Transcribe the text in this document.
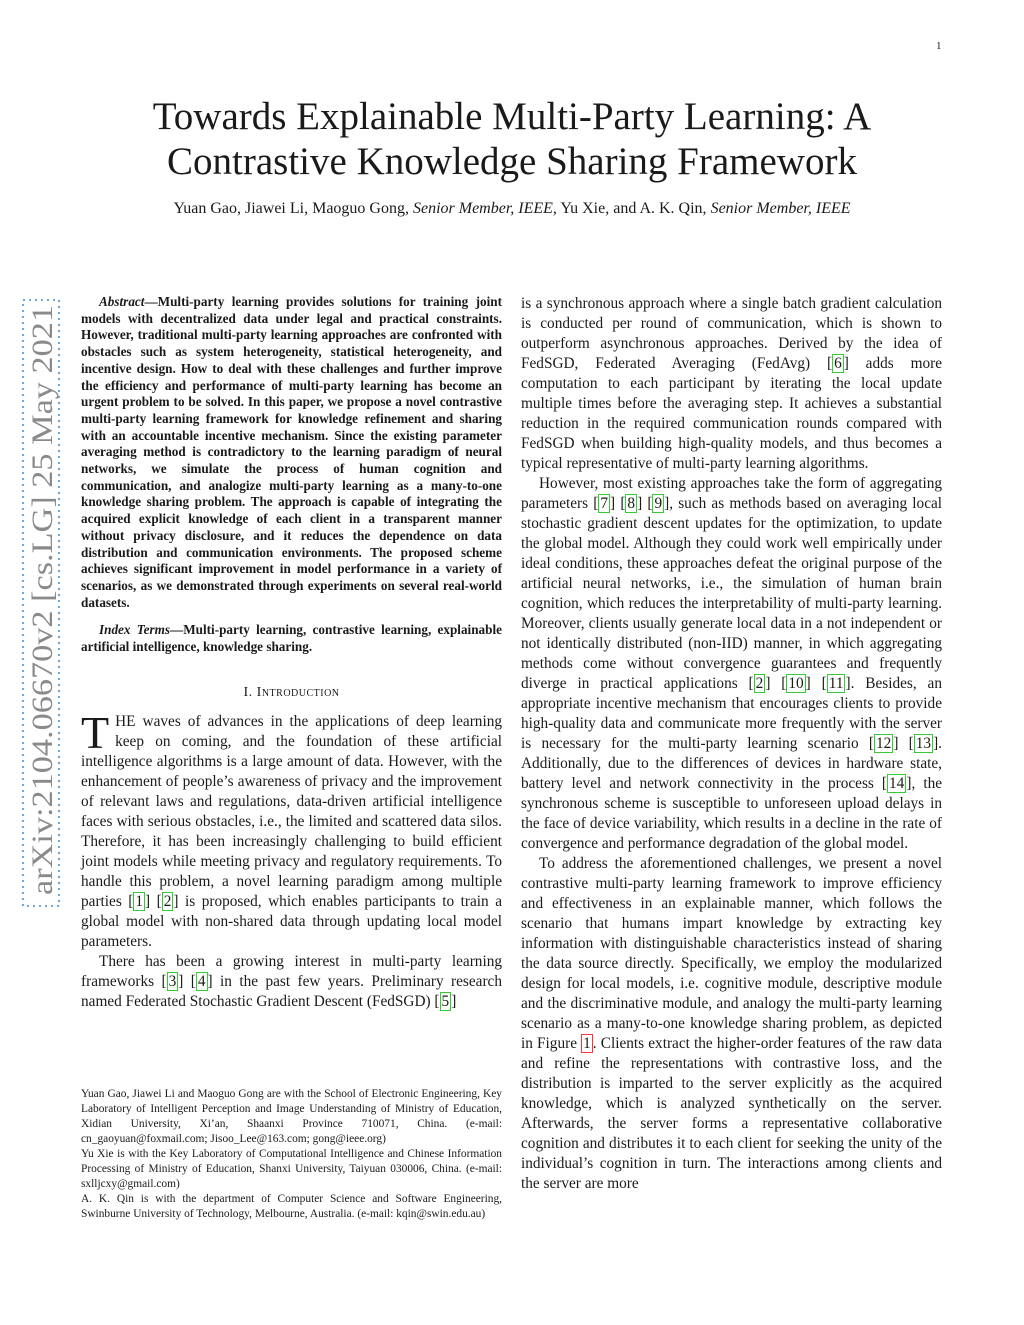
1
Towards Explainable Multi-Party Learning: A Contrastive Knowledge Sharing Framework
Yuan Gao, Jiawei Li, Maoguo Gong, Senior Member, IEEE, Yu Xie, and A. K. Qin, Senior Member, IEEE
arXiv:2104.06670v2 [cs.LG] 25 May 2021

Abstract—Multi-party learning provides solutions for training joint models with decentralized data under legal and practical constraints. However, traditional multi-party learning approaches are confronted with obstacles such as system heterogeneity, statistical heterogeneity, and incentive design. How to deal with these challenges and further improve the efficiency and performance of multi-party learning has become an urgent problem to be solved. In this paper, we propose a novel contrastive multi-party learning framework for knowledge refinement and sharing with an accountable incentive mechanism. Since the existing parameter averaging method is contradictory to the learning paradigm of neural networks, we simulate the process of human cognition and communication, and analogize multi-party learning as a many-to-one knowledge sharing problem. The approach is capable of integrating the acquired explicit knowledge of each client in a transparent manner without privacy disclosure, and it reduces the dependence on data distribution and communication environments. The proposed scheme achieves significant improvement in model performance in a variety of scenarios, as we demonstrated through experiments on several real-world datasets.

Index Terms—Multi-party learning, contrastive learning, explainable artificial intelligence, knowledge sharing.

I. Introduction

THE waves of advances in the applications of deep learning keep on coming, and the foundation of these artificial intelligence algorithms is a large amount of data. However, with the enhancement of people’s awareness of privacy and the improvement of relevant laws and regulations, data-driven artificial intelligence faces with serious obstacles, i.e., the limited and scattered data silos. Therefore, it has been increasingly challenging to build efficient joint models while meeting privacy and regulatory requirements. To handle this problem, a novel learning paradigm among multiple parties [ 1 ] [ 2 ] is proposed, which enables participants to train a global model with non-shared data through updating local model parameters.

There has been a growing interest in multi-party learning frameworks [ 3 ] [ 4 ] in the past few years. Preliminary research named Federated Stochastic Gradient Descent (FedSGD) [ 5 ]

Yuan Gao, Jiawei Li and Maoguo Gong are with the School of Electronic Engineering, Key Laboratory of Intelligent Perception and Image Understanding of Ministry of Education, Xidian University, Xi’an, Shaanxi Province 710071, China. (e-mail: cn_gaoyuan@foxmail.com; Jisoo_Lee@163.com; gong@ieee.org)

Yu Xie is with the Key Laboratory of Computational Intelligence and Chinese Information Processing of Ministry of Education, Shanxi University, Taiyuan 030006, China. (e-mail: sxlljcxy@gmail.com)

A. K. Qin is with the department of Computer Science and Software Engineering, Swinburne University of Technology, Melbourne, Australia. (e-mail: kqin@swin.edu.au)

is a synchronous approach where a single batch gradient calculation is conducted per round of communication, which is shown to outperform asynchronous approaches. Derived by the idea of FedSGD, Federated Averaging (FedAvg) [ 6 ] adds more computation to each participant by iterating the local update multiple times before the averaging step. It achieves a substantial reduction in the required communication rounds compared with FedSGD when building high-quality models, and thus becomes a typical representative of multi-party learning algorithms.

However, most existing approaches take the form of aggregating parameters [ 7 ] [ 8 ] [ 9 ], such as methods based on averaging local stochastic gradient descent updates for the optimization, to update the global model. Although they could work well empirically under ideal conditions, these approaches defeat the original purpose of the artificial neural networks, i.e., the simulation of human brain cognition, which reduces the interpretability of multi-party learning. Moreover, clients usually generate local data in a not independent or not identically distributed (non-IID) manner, in which aggregating methods come without convergence guarantees and frequently diverge in practical applications [ 2 ] [ 10 ] [ 11 ]. Besides, an appropriate incentive mechanism that encourages clients to provide high-quality data and communicate more frequently with the server is necessary for the multi-party learning scenario [ 12 ] [ 13 ]. Additionally, due to the differences of devices in hardware state, battery level and network connectivity in the process [ 14 ], the synchronous scheme is susceptible to unforeseen upload delays in the face of device variability, which results in a decline in the rate of convergence and performance degradation of the global model.

To address the aforementioned challenges, we present a novel contrastive multi-party learning framework to improve efficiency and effectiveness in an explainable manner, which follows the scenario that humans impart knowledge by extracting key information with distinguishable characteristics instead of sharing the data source directly. Specifically, we employ the modularized design for local models, i.e. cognitive module, descriptive module and the discriminative module, and analogy the multi-party learning scenario as a many-to-one knowledge sharing problem, as depicted in Figure 1 . Clients extract the higher-order features of the raw data and refine the representations with contrastive loss, and the distribution is imparted to the server explicitly as the acquired knowledge, which is analyzed synthetically on the server. Afterwards, the server forms a representative collaborative cognition and distributes it to each client for seeking the unity of the individual’s cognition in turn. The interactions among clients and the server are more
